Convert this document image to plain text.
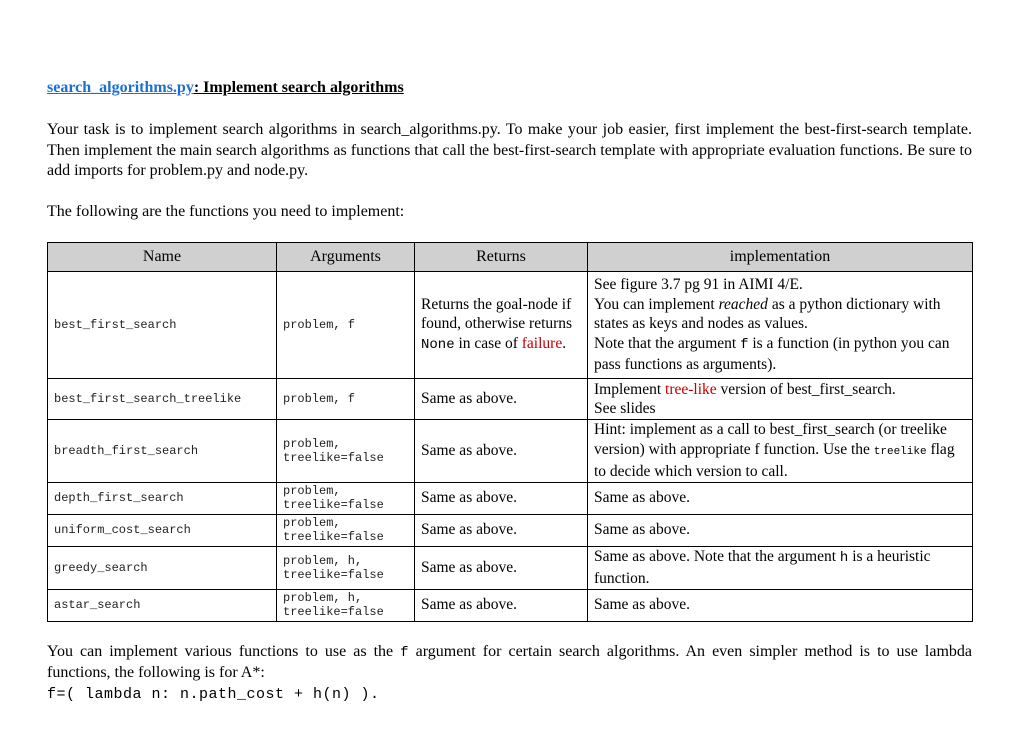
search_algorithms.py: Implement search algorithms

Your task is to implement search algorithms in search_algorithms.py. To make your job easier, first implement the best-first-search template. Then implement the main search algorithms as functions that call the best-first-search template with appropriate evaluation functions. Be sure to add imports for problem.py and node.py.

The following are the functions you need to implement:

Name	Arguments	Returns	implementation
best_first_search	problem, f	Returns the goal-node if found, otherwise returns None in case of failure.	See figure 3.7 pg 91 in AIMI 4/E.
You can implement reached as a python dictionary with states as keys and nodes as values.
Note that the argument f is a function (in python you can pass functions as arguments).

best_first_search_treelike	problem, f	Same as above.	Implement tree-like version of best_first_search.
See slides

breadth_first_search	problem,
treelike=false	Same as above.	Hint: implement as a call to best_first_search (or treelike version) with appropriate f function. Use the treelike flag to decide which version to call.
depth_first_search	problem,
treelike=false	Same as above.	Same as above.
uniform_cost_search	problem,
treelike=false	Same as above.	Same as above.
greedy_search	problem, h,
treelike=false	Same as above.	Same as above. Note that the argument h is a heuristic function.
astar_search	problem, h,
treelike=false	Same as above.	Same as above.

You can implement various functions to use as the f argument for certain search algorithms. An even simpler method is to use lambda functions, the following is for A*:

f=( lambda n: n.path_cost + h(n) ).
